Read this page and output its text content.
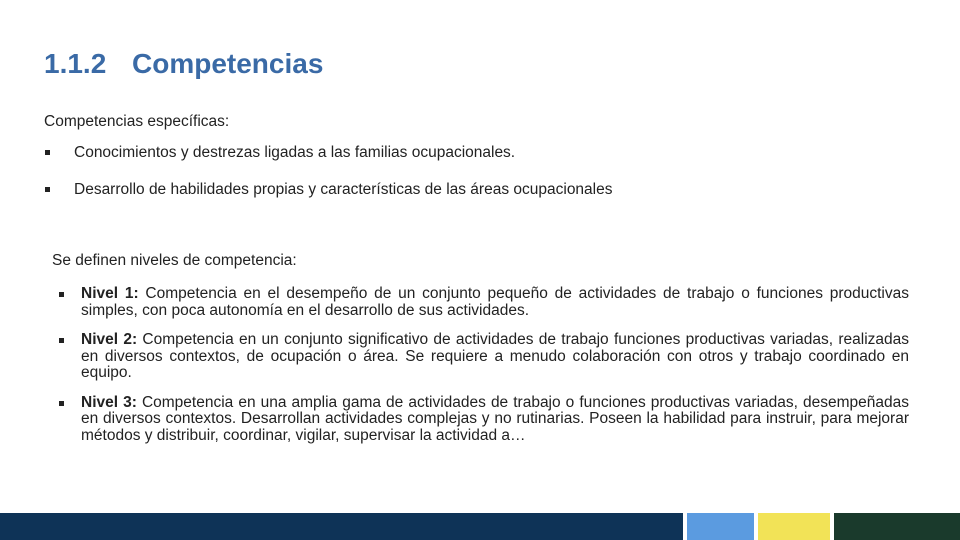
1.1.2 Competencias
Competencias específicas:
Conocimientos y destrezas ligadas a las familias ocupacionales.
Desarrollo de habilidades propias y características de las áreas ocupacionales
Se definen niveles de competencia:
Nivel 1: Competencia en el desempeño de un conjunto pequeño de actividades de trabajo o funciones productivas simples, con poca autonomía en el desarrollo de sus actividades.
Nivel 2: Competencia en un conjunto significativo de actividades de trabajo funciones productivas variadas, realizadas en diversos contextos, de ocupación o área. Se requiere a menudo colaboración con otros y trabajo coordinado en equipo.
Nivel 3: Competencia en una amplia gama de actividades de trabajo o funciones productivas variadas, desempeñadas en diversos contextos. Desarrollan actividades complejas y no rutinarias. Poseen la habilidad para instruir, para mejorar métodos y distribuir, coordinar, vigilar, supervisar la actividad a…
